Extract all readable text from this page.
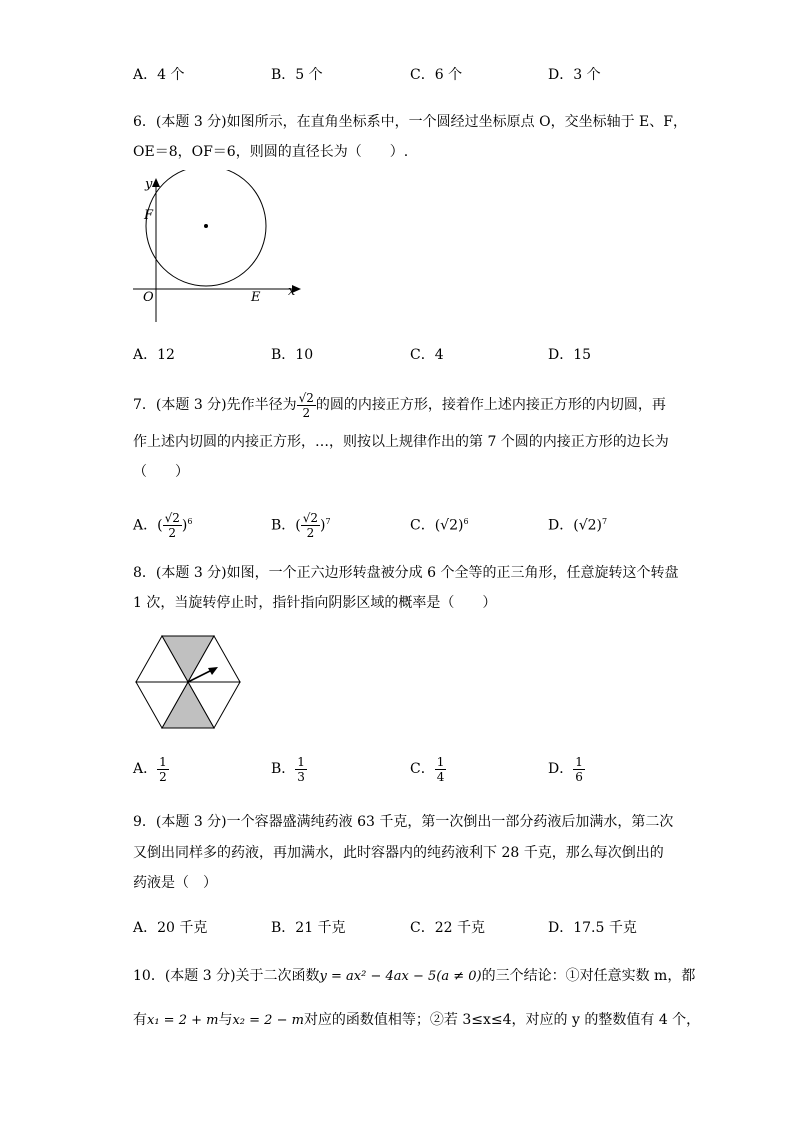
A．4 个	B．5 个	C．6 个	D．3 个
6．(本题 3 分)如图所示，在直角坐标系中，一个圆经过坐标原点 O，交坐标轴于 E、F，
OE＝8，OF＝6，则圆的直径长为（　　）.
y
F
O	E x
A．12	B．10	C．4	D．15
7．(本题 3 分)先作半径为 $\frac{√2}{2}$ 的圆的内接正方形，接着作上述内接正方形的内切圆，再
作上述内切圆的内接正方形，…，则按以上规律作出的第 7 个圆的内接正方形的边长为
（　　）
A．( $\frac{√2}{2} )^6$	B．( $\frac{√2}{2} )^7$	C．$(√2)^6$	D．$(√2)^7$
8．(本题 3 分)如图，一个正六边形转盘被分成 6 个全等的正三角形，任意旋转这个转盘
1 次，当旋转停止时，指针指向阴影区域的概率是（　　）
A． $\frac{1}{2}$	B． $\frac{1}{3}$	C． $\frac{1}{4}$	D． $\frac{1}{6}$
9．(本题 3 分)一个容器盛满纯药液 63 千克，第一次倒出一部分药液后加满水，第二次
又倒出同样多的药液，再加满水，此时容器内的纯药液利下 28 千克，那么每次倒出的
药液是（　）
A．20 千克	B．21 千克	C．22 千克	D．17.5 千克
10．(本题 3 分)关于二次函数y = ax² − 4ax − 5(a ≠ 0)的三个结论：①对任意实数 m，都
有x₁ = 2 + m与x₂ = 2 − m对应的函数值相等；②若 3≤x≤4，对应的 y 的整数值有 4 个，
